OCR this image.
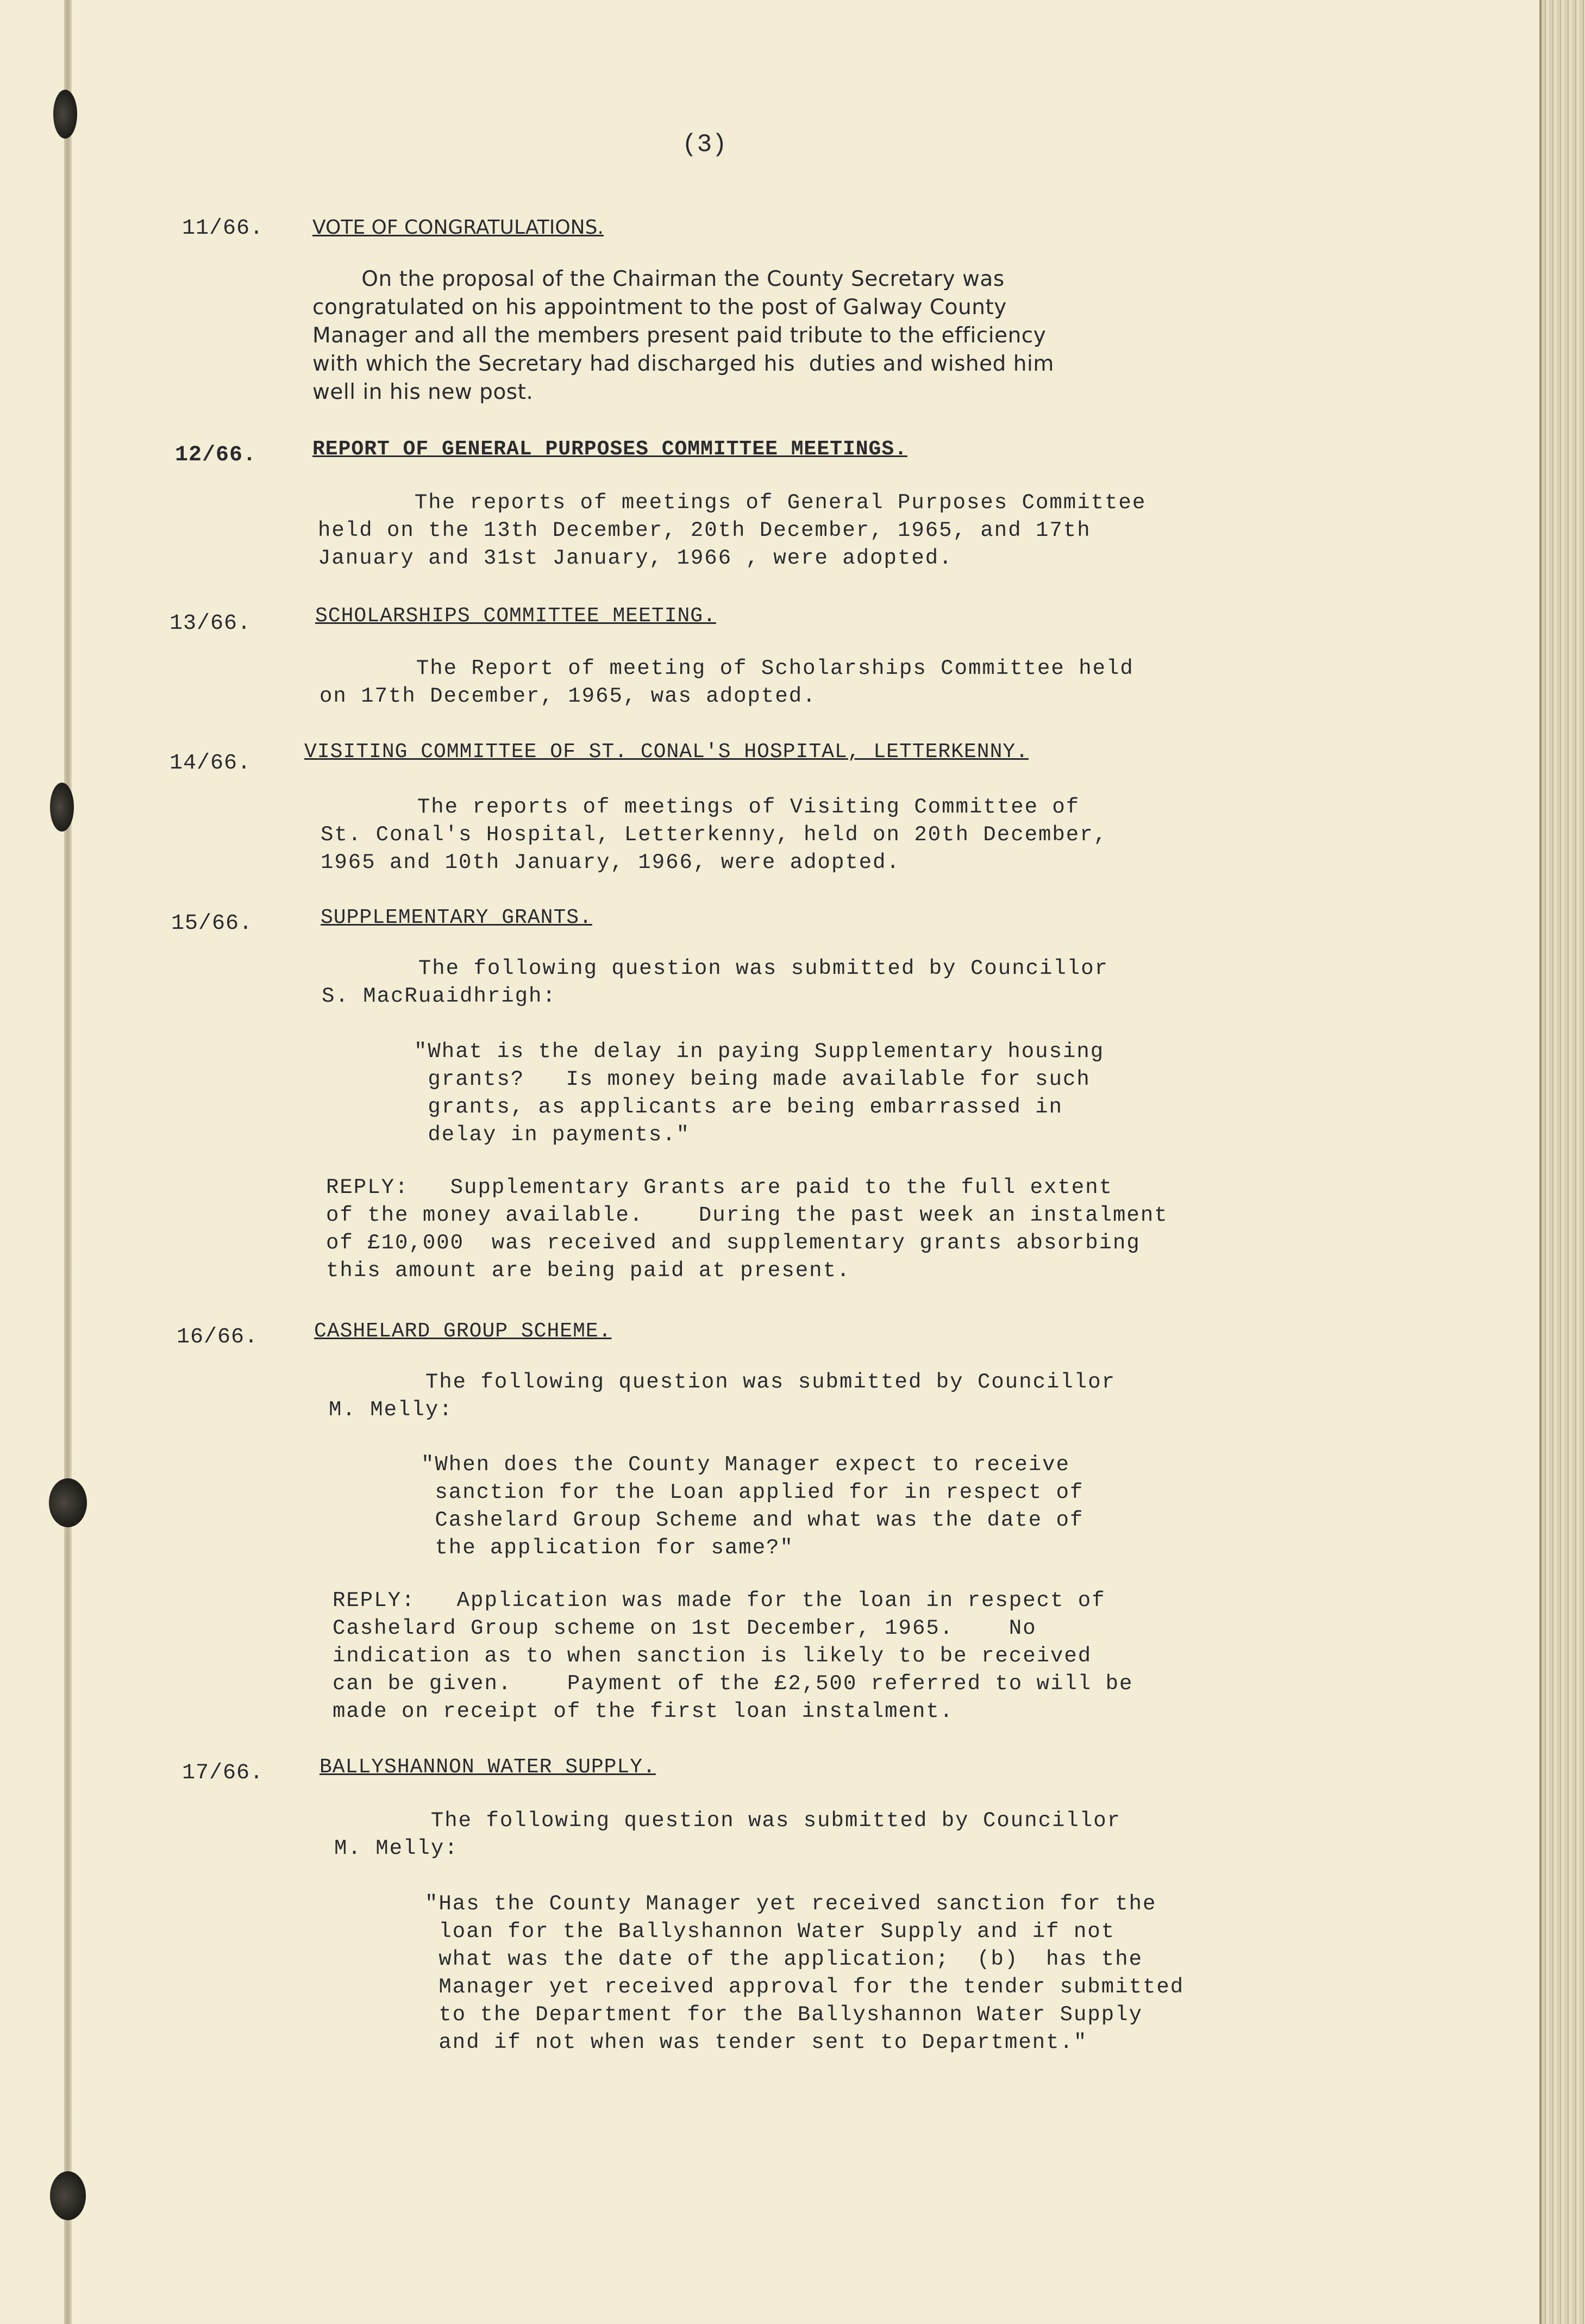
(3)
11/66. VOTE OF CONGRATULATIONS.
On the proposal of the Chairman the County Secretary was
congratulated on his appointment to the post of Galway County
Manager and all the members present paid tribute to the efficiency
with which the Secretary had discharged his  duties and wished him
well in his new post.
12/66.	REPORT OF GENERAL PURPOSES COMMITTEE MEETINGS.
The reports of meetings of General Purposes Committee
held on the 13th December, 20th December, 1965, and 17th
January and 31st January, 1966 , were adopted.
13/66.	SCHOLARSHIPS COMMITTEE MEETING.
The Report of meeting of Scholarships Committee held
on 17th December, 1965, was adopted.
14/66.	VISITING COMMITTEE OF ST. CONAL'S HOSPITAL, LETTERKENNY.
The reports of meetings of Visiting Committee of
St. Conal's Hospital, Letterkenny, held on 20th December,
1965 and 10th January, 1966, were adopted.
15/66.	SUPPLEMENTARY GRANTS.
The following question was submitted by Councillor
S. MacRuaidhrigh:
"What is the delay in paying Supplementary housing
grants?   Is money being made available for such
grants, as applicants are being embarrassed in
delay in payments."
REPLY:   Supplementary Grants are paid to the full extent
of the money available.    During the past week an instalment
of £10,000  was received and supplementary grants absorbing
this amount are being paid at present.
16/66.	CASHELARD GROUP SCHEME.
The following question was submitted by Councillor
M. Melly:
"When does the County Manager expect to receive
sanction for the Loan applied for in respect of
Cashelard Group Scheme and what was the date of
the application for same?"
REPLY:   Application was made for the loan in respect of
Cashelard Group scheme on 1st December, 1965.    No
indication as to when sanction is likely to be received
can be given.    Payment of the £2,500 referred to will be
made on receipt of the first loan instalment.
17/66.	BALLYSHANNON WATER SUPPLY.
The following question was submitted by Councillor
M. Melly:
"Has the County Manager yet received sanction for the
loan for the Ballyshannon Water Supply and if not
what was the date of the application;  (b)  has the
Manager yet received approval for the tender submitted
to the Department for the Ballyshannon Water Supply
and if not when was tender sent to Department."
